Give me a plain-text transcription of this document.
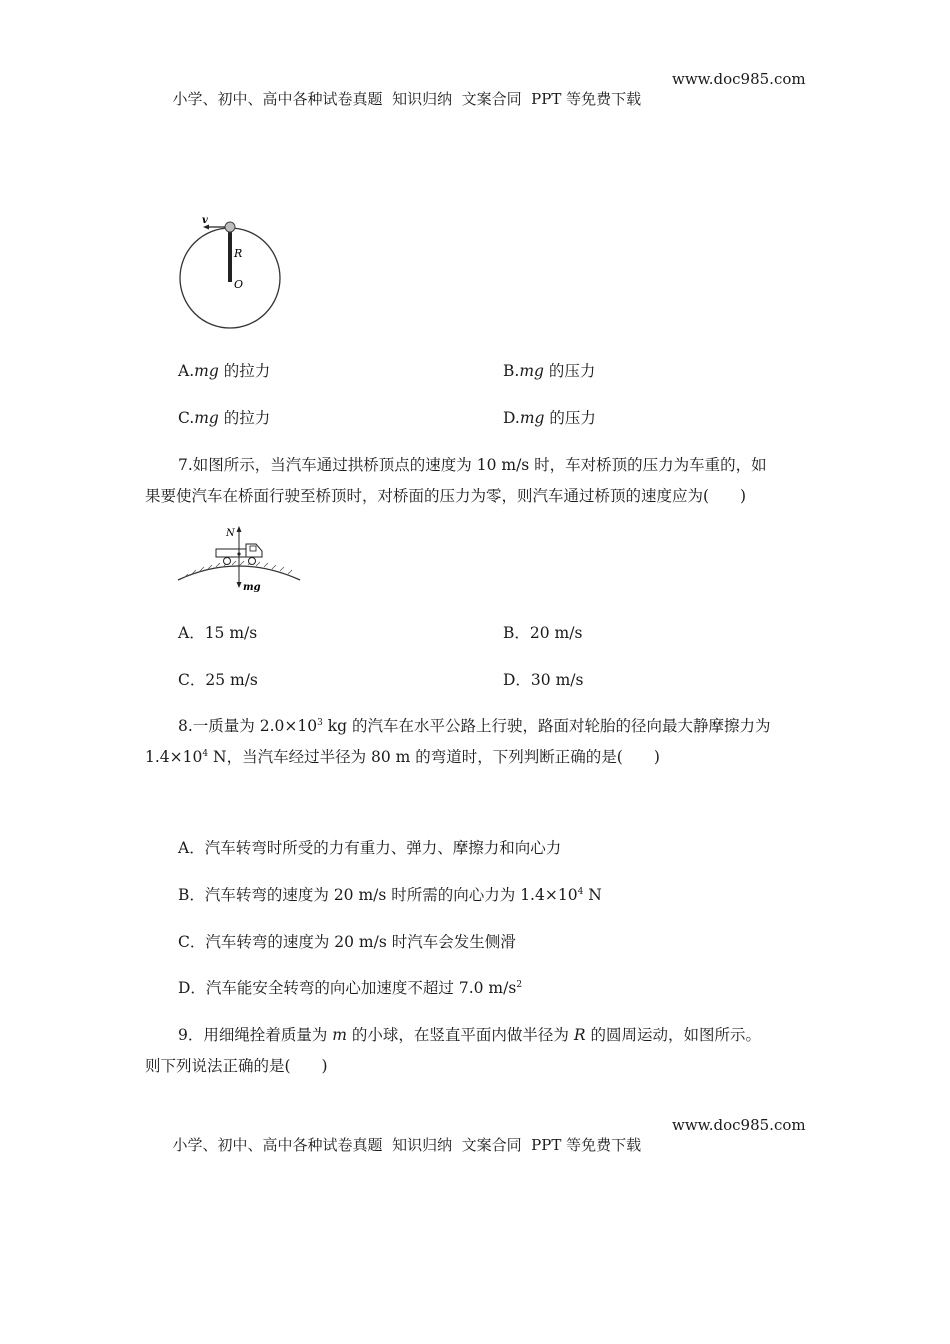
小学、初中、高中各种试卷真题  知识归纳  文案合同  PPT 等免费下载

www.doc985.com
v
R
O
A.mg 的拉力	B.mg 的压力
C.mg 的拉力	D.mg 的压力
7.如图所示，当汽车通过拱桥顶点的速度为 10 m/s 时，车对桥顶的压力为车重的，如
果要使汽车在桥面行驶至桥顶时，对桥面的压力为零，则汽车通过桥顶的速度应为(　　)
N
mg
A．15 m/s	B．20 m/s
C．25 m/s	D．30 m/s
8.一质量为 $2.0\times 10^3$ kg 的汽车在水平公路上行驶，路面对轮胎的径向最大静摩擦力为
$1.4\times 10^4$ N，当汽车经过半径为 80 m 的弯道时，下列判断正确的是(　　)
A．汽车转弯时所受的力有重力、弹力、摩擦力和向心力
B．汽车转弯的速度为 20 m/s 时所需的向心力为 $1.4\times 10^4$ N
C．汽车转弯的速度为 20 m/s 时汽车会发生侧滑
D．汽车能安全转弯的向心加速度不超过 7.0 $m/s^2$
9．用细绳拴着质量为 m 的小球，在竖直平面内做半径为 R 的圆周运动，如图所示。
则下列说法正确的是(　　)

小学、初中、高中各种试卷真题  知识归纳  文案合同  PPT 等免费下载

www.doc985.com
